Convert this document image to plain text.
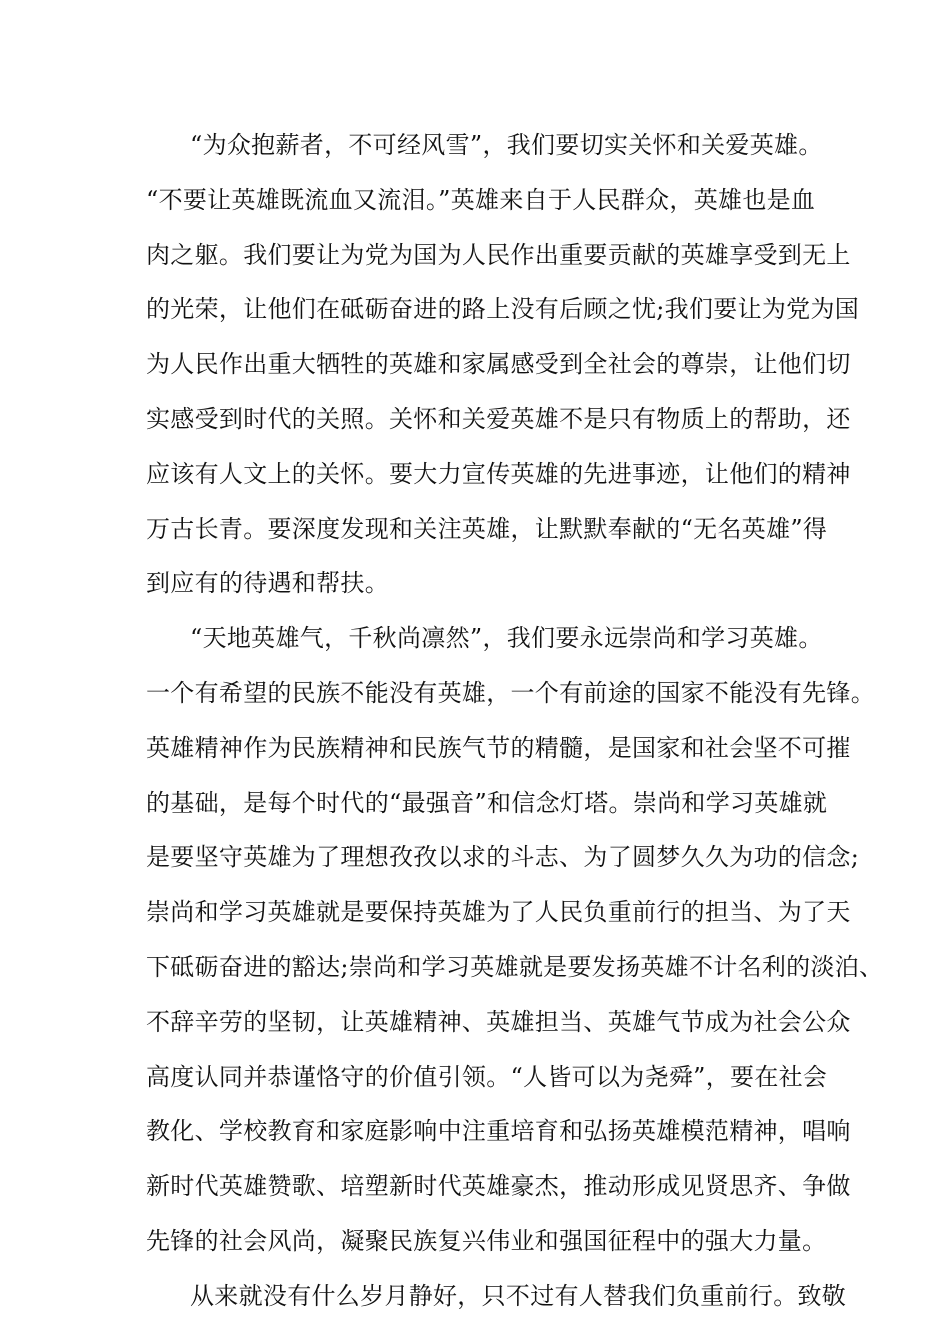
“为众抱薪者，不可经风雪”，我们要切实关怀和关爱英雄。
“不要让英雄既流血又流泪。”英雄来自于人民群众，英雄也是血
肉之躯。我们要让为党为国为人民作出重要贡献的英雄享受到无上
的光荣，让他们在砥砺奋进的路上没有后顾之忧;我们要让为党为国
为人民作出重大牺牲的英雄和家属感受到全社会的尊崇，让他们切
实感受到时代的关照。关怀和关爱英雄不是只有物质上的帮助，还
应该有人文上的关怀。要大力宣传英雄的先进事迹，让他们的精神
万古长青。要深度发现和关注英雄，让默默奉献的“无名英雄”得
到应有的待遇和帮扶。
“天地英雄气，千秋尚凛然”，我们要永远崇尚和学习英雄。
一个有希望的民族不能没有英雄，一个有前途的国家不能没有先锋。
英雄精神作为民族精神和民族气节的精髓，是国家和社会坚不可摧
的基础，是每个时代的“最强音”和信念灯塔。崇尚和学习英雄就
是要坚守英雄为了理想孜孜以求的斗志、为了圆梦久久为功的信念;
崇尚和学习英雄就是要保持英雄为了人民负重前行的担当、为了天
下砥砺奋进的豁达;崇尚和学习英雄就是要发扬英雄不计名利的淡泊、
不辞辛劳的坚韧，让英雄精神、英雄担当、英雄气节成为社会公众
高度认同并恭谨恪守的价值引领。“人皆可以为尧舜”，要在社会
教化、学校教育和家庭影响中注重培育和弘扬英雄模范精神，唱响
新时代英雄赞歌、培塑新时代英雄豪杰，推动形成见贤思齐、争做
先锋的社会风尚，凝聚民族复兴伟业和强国征程中的强大力量。
从来就没有什么岁月静好，只不过有人替我们负重前行。致敬
